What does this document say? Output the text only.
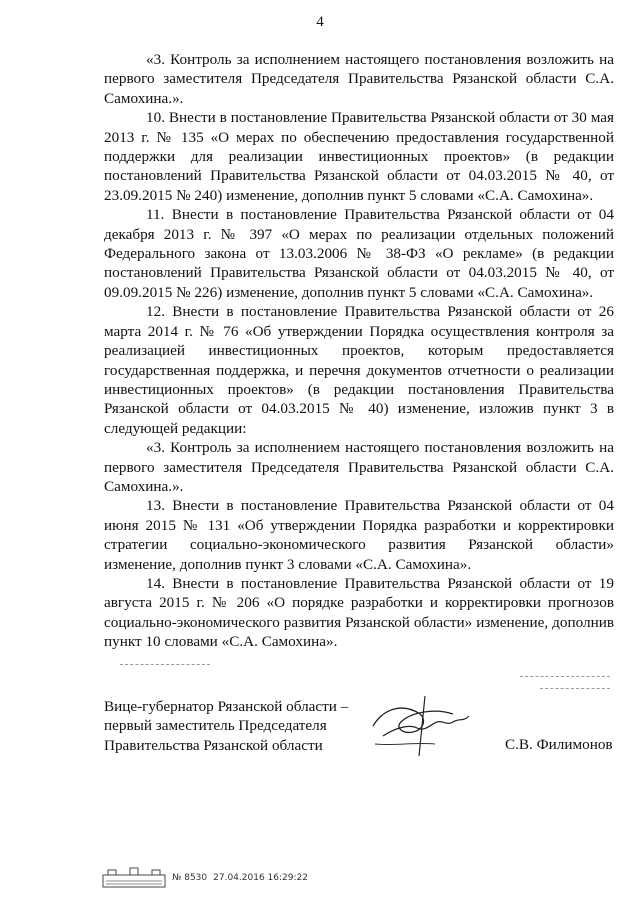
4

«3. Контроль за исполнением настоящего постановления возложить на первого заместителя Председателя Правительства Рязанской области С.А. Самохина.».

10. Внести в постановление Правительства Рязанской области от 30 мая 2013 г. № 135 «О мерах по обеспечению предоставления государственной поддержки для реализации инвестиционных проектов» (в редакции постановлений Правительства Рязанской области от 04.03.2015 № 40, от 23.09.2015 № 240) изменение, дополнив пункт 5 словами «С.А. Самохина».

11. Внести в постановление Правительства Рязанской области от 04 декабря 2013 г. № 397 «О мерах по реализации отдельных положений Федерального закона от 13.03.2006 № 38-ФЗ «О рекламе» (в редакции постановлений Правительства Рязанской области от 04.03.2015 № 40, от 09.09.2015 № 226) изменение, дополнив пункт 5 словами «С.А. Самохина».

12. Внести в постановление Правительства Рязанской области от 26 марта 2014 г. № 76 «Об утверждении Порядка осуществления контроля за реализацией инвестиционных проектов, которым предоставляется государственная поддержка, и перечня документов отчетности о реализации инвестиционных проектов» (в редакции постановления Правительства Рязанской области от 04.03.2015 № 40) изменение, изложив пункт 3 в следующей редакции:

«3. Контроль за исполнением настоящего постановления возложить на первого заместителя Председателя Правительства Рязанской области С.А. Самохина.».

13. Внести в постановление Правительства Рязанской области от 04 июня 2015 № 131 «Об утверждении Порядка разработки и корректировки стратегии социально-экономического развития Рязанской области» изменение, дополнив пункт 3 словами «С.А. Самохина».

14. Внести в постановление Правительства Рязанской области от 19 августа 2015 г. № 206 «О порядке разработки и корректировки прогнозов социально-экономического развития Рязанской области» изменение, дополнив пункт 10 словами «С.А. Самохина».

Вице-губернатор Рязанской области –
первый заместитель Председателя
Правительства Рязанской области	С.В. Филимонов
№ 8530 27.04.2016 16:29:22
